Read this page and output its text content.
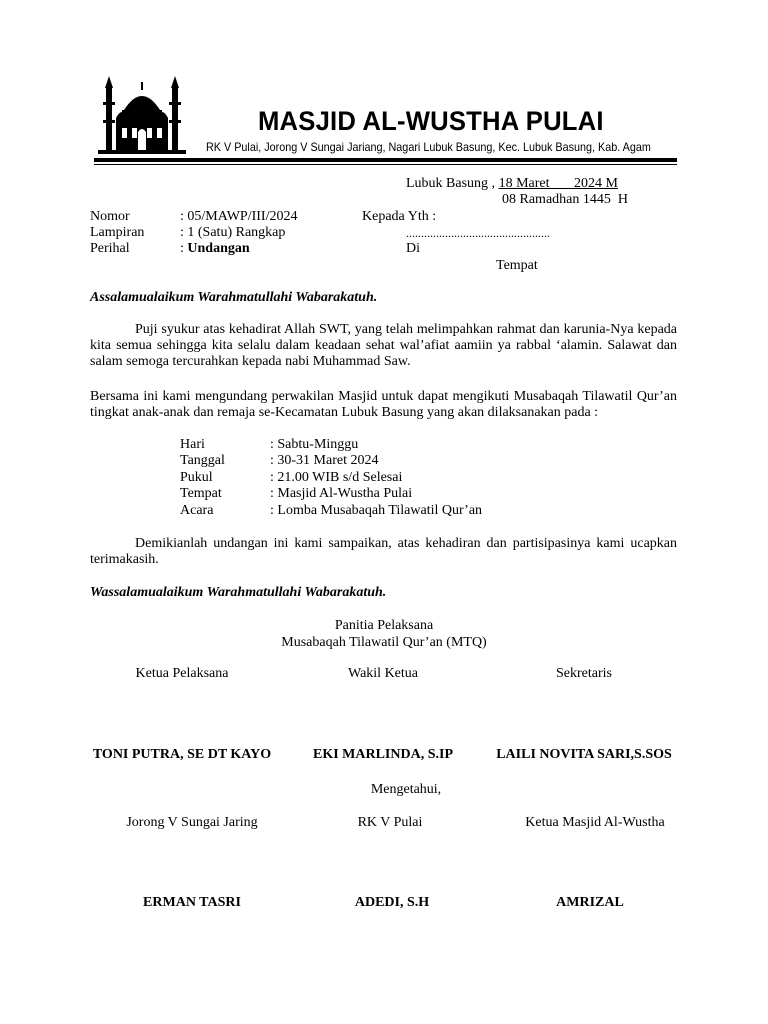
MASJID AL-WUSTHA PULAI
RK V Pulai, Jorong V Sungai Jariang, Nagari Lubuk Basung, Kec. Lubuk Basung, Kab. Agam
Lubuk Basung , 18 Maret       2024 M
08 Ramadhan 1445  H
Nomor	: 05/MAWP/III/2024
Lampiran	: 1 (Satu) Rangkap
Perihal	: Undangan
Kepada Yth :
................................................
Di
Tempat
Assalamualaikum Warahmatullahi Wabarakatuh.
Puji syukur atas kehadirat Allah SWT, yang telah melimpahkan rahmat dan karunia-Nya kepada kita semua sehingga kita selalu dalam keadaan sehat wal’afiat aamiin ya rabbal ‘alamin. Salawat dan salam semoga tercurahkan kepada nabi Muhammad Saw.
Bersama ini kami mengundang perwakilan Masjid untuk dapat mengikuti Musabaqah Tilawatil Qur’an tingkat anak-anak dan remaja se-Kecamatan Lubuk Basung yang akan dilaksanakan pada :
Hari	: Sabtu-Minggu
Tanggal	: 30-31 Maret 2024
Pukul	: 21.00 WIB s/d Selesai
Tempat	: Masjid Al-Wustha Pulai
Acara	: Lomba Musabaqah Tilawatil Qur’an
Demikianlah undangan ini kami sampaikan, atas kehadiran dan partisipasinya kami ucapkan terimakasih.
Wassalamualaikum Warahmatullahi Wabarakatuh.
Panitia Pelaksana
Musabaqah Tilawatil Qur’an (MTQ)
Ketua Pelaksana	Wakil Ketua	Sekretaris
TONI PUTRA, SE DT KAYO	EKI MARLINDA, S.IP	LAILI NOVITA SARI,S.SOS
Mengetahui,
Jorong V Sungai Jaring	RK V Pulai	Ketua Masjid Al-Wustha
ERMAN TASRI	ADEDI, S.H	AMRIZAL
